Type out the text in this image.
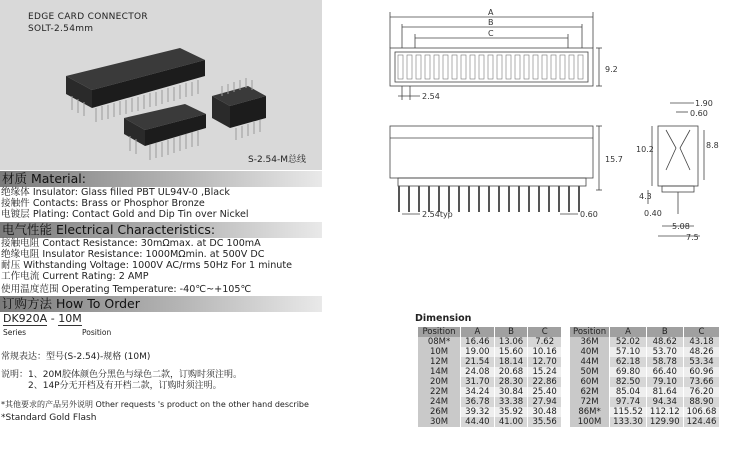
EDGE CARD CONNECTOR
SOLT-2.54mm
S-2.54-M总线
材质 Material:
绝缘体 Insulator: Glass filled PBT UL94V-0 ,Black
接触件 Contacts: Brass or Phosphor Bronze
电镀层 Plating: Contact Gold and Dip Tin over Nickel
电气性能 Electrical Characteristics:
接触电阻 Contact Resistance: 30mΩmax. at DC 100mA
绝缘电阻 Insulator Resistance: 1000MΩmin. at 500V DC
耐压 Withstanding Voltage: 1000V AC/rms 50Hz For 1 minute
工作电流 Current Rating: 2 AMP
使用温度范围 Operating Temperature: -40℃~+105℃
订购方法 How To Order
DK920A - 10M
Series	Position
常规表达：型号(S-2.54)-规格 (10M)
说明：1、20M胶体颜色分黑色与绿色二款，订购时须注明。
2、14P分无开档及有开档二款，订购时须注明。
*其他要求的产品另外说明 Other requests 's product on the other hand describe
*Standard Gold Flash
A
B
C
9.2
2.54
15.7
2.54typ	0.60
1.90
0.60
10.2	8.8
4.3
0.40
5.08
7.5
Dimension
Position	A	B	C
08M*	16.46	13.06	7.62
10M	19.00	15.60	10.16
12M	21.54	18.14	12.70
14M	24.08	20.68	15.24
20M	31.70	28.30	22.86
22M	34.24	30.84	25.40
24M	36.78	33.38	27.94
26M	39.32	35.92	30.48
30M	44.40	41.00	35.56
Position	A	B	C
36M	52.02	48.62	43.18
40M	57.10	53.70	48.26
44M	62.18	58.78	53.34
50M	69.80	66.40	60.96
60M	82.50	79.10	73.66
62M	85.04	81.64	76.20
72M	97.74	94.34	88.90
86M*	115.52	112.12	106.68
100M	133.30	129.90	124.46
